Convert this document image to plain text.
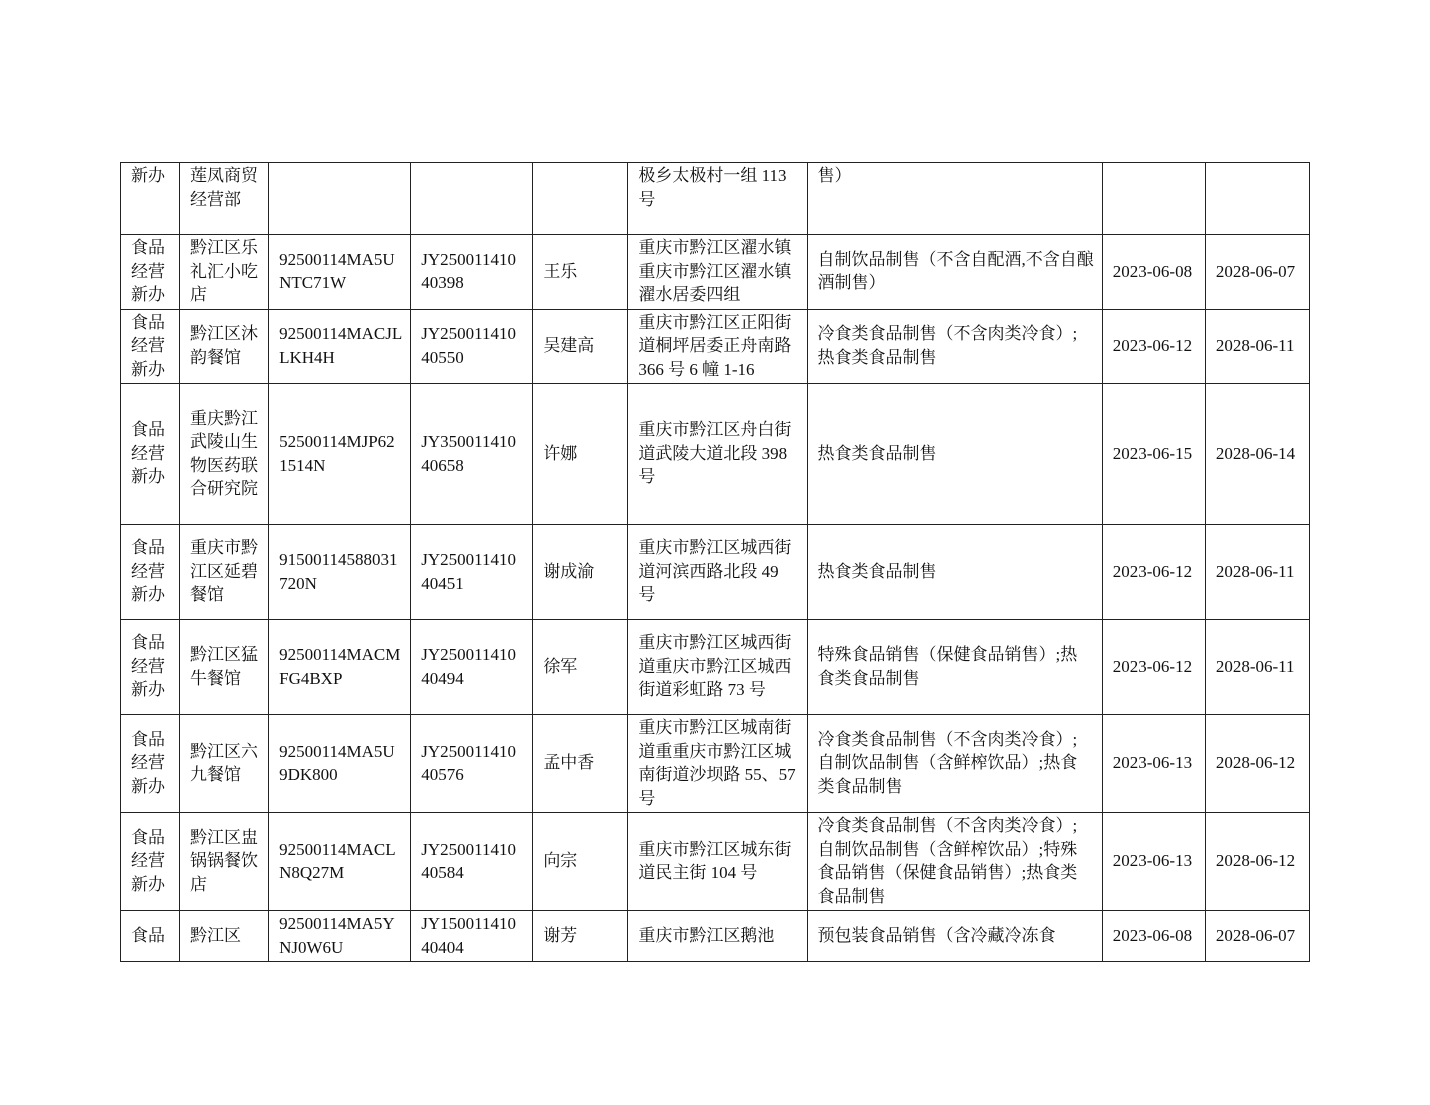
新办	莲凤商贸经营部				极乡太极村一组 113 号	售）		
食品经营新办	黔江区乐礼汇小吃店	92500114MA5UNTC71W	JY25001141040398	王乐	重庆市黔江区濯水镇重庆市黔江区濯水镇濯水居委四组	自制饮品制售（不含自配酒,不含自酿酒制售）	2023-06-08	2028-06-07
食品经营新办	黔江区沐韵餐馆	92500114MACJLLKH4H	JY25001141040550	吴建高	重庆市黔江区正阳街道桐坪居委正舟南路 366 号 6 幢 1-16	冷食类食品制售（不含肉类冷食）;热食类食品制售	2023-06-12	2028-06-11
食品经营新办	重庆黔江武陵山生物医药联合研究院	52500114MJP621514N	JY35001141040658	许娜	重庆市黔江区舟白街道武陵大道北段 398 号	热食类食品制售	2023-06-15	2028-06-14
食品经营新办	重庆市黔江区延碧餐馆	91500114588031720N	JY25001141040451	谢成渝	重庆市黔江区城西街道河滨西路北段 49 号	热食类食品制售	2023-06-12	2028-06-11
食品经营新办	黔江区猛牛餐馆	92500114MACMFG4BXP	JY25001141040494	徐军	重庆市黔江区城西街道重庆市黔江区城西街道彩虹路 73 号	特殊食品销售（保健食品销售）;热食类食品制售	2023-06-12	2028-06-11
食品经营新办	黔江区六九餐馆	92500114MA5U9DK800	JY25001141040576	孟中香	重庆市黔江区城南街道重重庆市黔江区城南街道沙坝路 55、57 号	冷食类食品制售（不含肉类冷食）;自制饮品制售（含鲜榨饮品）;热食类食品制售	2023-06-13	2028-06-12
食品经营新办	黔江区盅锅锅餐饮店	92500114MACLN8Q27M	JY25001141040584	向宗	重庆市黔江区城东街道民主街 104 号	冷食类食品制售（不含肉类冷食）;自制饮品制售（含鲜榨饮品）;特殊食品销售（保健食品销售）;热食类食品制售	2023-06-13	2028-06-12
食品	黔江区	92500114MA5YNJ0W6U	JY15001141040404	谢芳	重庆市黔江区鹅池	预包装食品销售（含冷藏冷冻食	2023-06-08	2028-06-07
